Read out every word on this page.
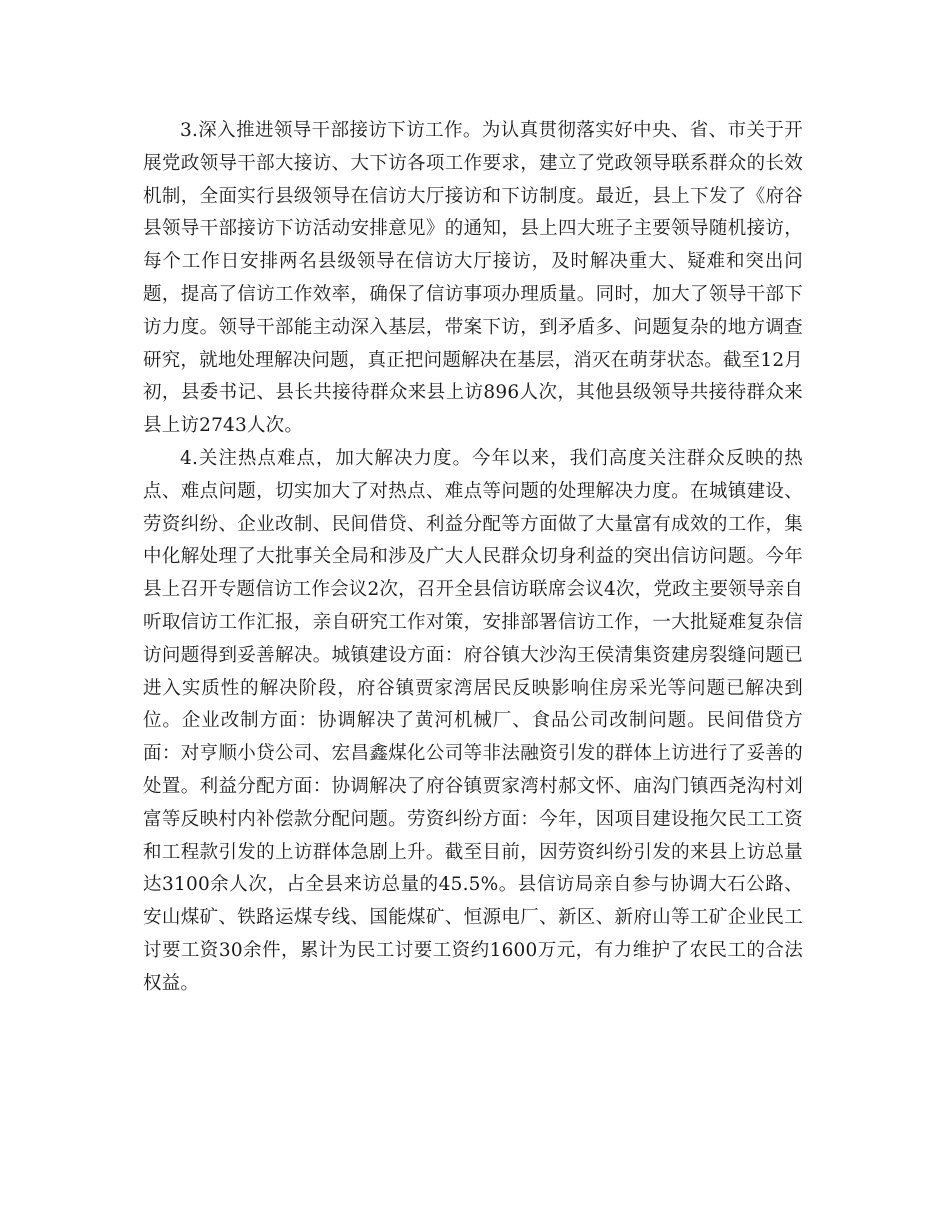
3.深入推进领导干部接访下访工作。为认真贯彻落实好中央、省、市关于开展党政领导干部大接访、大下访各项工作要求，建立了党政领导联系群众的长效机制，全面实行县级领导在信访大厅接访和下访制度。最近，县上下发了《府谷县领导干部接访下访活动安排意见》的通知，县上四大班子主要领导随机接访，每个工作日安排两名县级领导在信访大厅接访，及时解决重大、疑难和突出问题，提高了信访工作效率，确保了信访事项办理质量。同时，加大了领导干部下访力度。领导干部能主动深入基层，带案下访，到矛盾多、问题复杂的地方调查研究，就地处理解决问题，真正把问题解决在基层，消灭在萌芽状态。截至12月初，县委书记、县长共接待群众来县上访896人次，其他县级领导共接待群众来县上访2743人次。

4.关注热点难点，加大解决力度。今年以来，我们高度关注群众反映的热点、难点问题，切实加大了对热点、难点等问题的处理解决力度。在城镇建设、劳资纠纷、企业改制、民间借贷、利益分配等方面做了大量富有成效的工作，集中化解处理了大批事关全局和涉及广大人民群众切身利益的突出信访问题。今年县上召开专题信访工作会议2次，召开全县信访联席会议4次，党政主要领导亲自听取信访工作汇报，亲自研究工作对策，安排部署信访工作，一大批疑难复杂信访问题得到妥善解决。城镇建设方面：府谷镇大沙沟王侯清集资建房裂缝问题已进入实质性的解决阶段，府谷镇贾家湾居民反映影响住房采光等问题已解决到位。企业改制方面：协调解决了黄河机械厂、食品公司改制问题。民间借贷方面：对亨顺小贷公司、宏昌鑫煤化公司等非法融资引发的群体上访进行了妥善的处置。利益分配方面：协调解决了府谷镇贾家湾村郝文怀、庙沟门镇西尧沟村刘富等反映村内补偿款分配问题。劳资纠纷方面：今年，因项目建设拖欠民工工资和工程款引发的上访群体急剧上升。截至目前，因劳资纠纷引发的来县上访总量达3100余人次，占全县来访总量的45.5%。县信访局亲自参与协调大石公路、安山煤矿、铁路运煤专线、国能煤矿、恒源电厂、新区、新府山等工矿企业民工讨要工资30余件，累计为民工讨要工资约1600万元，有力维护了农民工的合法权益。
